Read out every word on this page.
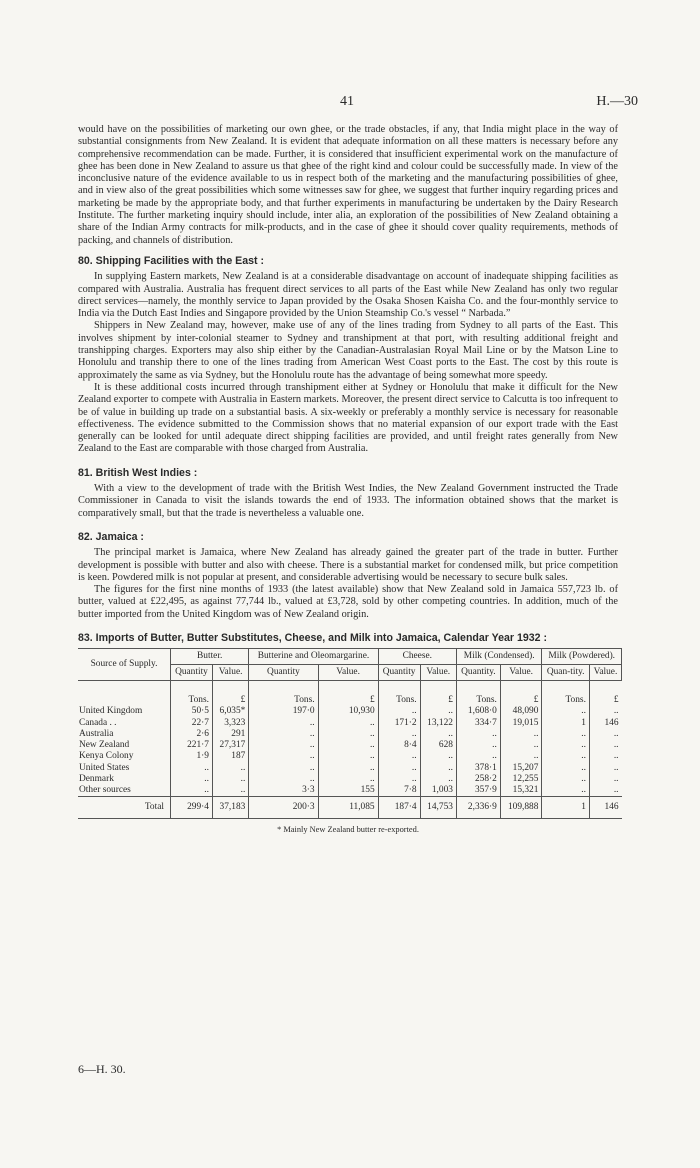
41	H.—30

would have on the possibilities of marketing our own ghee, or the trade obstacles, if any, that India might place in the way of substantial consignments from New Zealand. It is evident that adequate information on all these matters is necessary before any comprehensive recommendation can be made. Further, it is considered that insufficient experimental work on the manufacture of ghee has been done in New Zealand to assure us that ghee of the right kind and colour could be successfully made. In view of the inconclusive nature of the evidence available to us in respect both of the marketing and the manufacturing possibilities of ghee, and in view also of the great possibilities which some witnesses saw for ghee, we suggest that further inquiry regarding prices and marketing be made by the appropriate body, and that further experiments in manufacturing be undertaken by the Dairy Research Institute. The further marketing inquiry should include, inter alia, an exploration of the possibilities of New Zealand obtaining a share of the Indian Army contracts for milk-products, and in the case of ghee it should cover quality requirements, methods of packing, and channels of distribution.

80. Shipping Facilities with the East :

In supplying Eastern markets, New Zealand is at a considerable disadvantage on account of inadequate shipping facilities as compared with Australia. Australia has frequent direct services to all parts of the East while New Zealand has only two regular direct services—namely, the monthly service to Japan provided by the Osaka Shosen Kaisha Co. and the four-monthly service to India via the Dutch East Indies and Singapore provided by the Union Steamship Co.'s vessel “ Narbada.”

Shippers in New Zealand may, however, make use of any of the lines trading from Sydney to all parts of the East. This involves shipment by inter-colonial steamer to Sydney and transhipment at that port, with resulting additional freight and transhipping charges. Exporters may also ship either by the Canadian-Australasian Royal Mail Line or by the Matson Line to Honolulu and tranship there to one of the lines trading from American West Coast ports to the East. The cost by this route is approximately the same as via Sydney, but the Honolulu route has the advantage of being somewhat more speedy.

It is these additional costs incurred through transhipment either at Sydney or Honolulu that make it difficult for the New Zealand exporter to compete with Australia in Eastern markets. Moreover, the present direct service to Calcutta is too infrequent to be of value in building up trade on a substantial basis. A six-weekly or preferably a monthly service is necessary for reasonable effectiveness. The evidence submitted to the Commission shows that no material expansion of our export trade with the East generally can be looked for until adequate direct shipping facilities are provided, and until freight rates generally from New Zealand to the East are comparable with those charged from Australia.

81. British West Indies :

With a view to the development of trade with the British West Indies, the New Zealand Government instructed the Trade Commissioner in Canada to visit the islands towards the end of 1933. The information obtained shows that the market is comparatively small, but that the trade is nevertheless a valuable one.

82. Jamaica :

The principal market is Jamaica, where New Zealand has already gained the greater part of the trade in butter. Further development is possible with butter and also with cheese. There is a substantial market for condensed milk, but price competition is keen. Powdered milk is not popular at present, and considerable advertising would be necessary to secure bulk sales.

The figures for the first nine months of 1933 (the latest available) show that New Zealand sold in Jamaica 557,723 lb. of butter, valued at £22,495, as against 77,744 lb., valued at £3,728, sold by other competing countries. In addition, much of the butter imported from the United Kingdom was of New Zealand origin.

83. Imports of Butter, Butter Substitutes, Cheese, and Milk into Jamaica, Calendar Year 1932 :
Source of Supply.	Butter.		Butterine and Oleomargarine.		Cheese.		Milk (Condensed).		Milk (Powdered).	
	Quantity	Value.	Quantity	Value.	Quantity	Value.	Quantity.	Value.	Quan-tity.	Value.
	Tons.	£	Tons.	£	Tons.	£	Tons.	£	Tons.	£
United Kingdom	50·5	6,035*	197·0	10,930	..	..	1,608·0	48,090	..	..
Canada . .	22·7	3,323	..	..	171·2	13,122	334·7	19,015	1	146
Australia	2·6	291	..	..	..	..	..	..	..	..
New Zealand	221·7	27,317	..	..	8·4	628	..	..	..	..
Kenya Colony	1·9	187	..	..	..	..	..	..	..	..
United States	..	..	..	..	..	..	378·1	15,207	..	..
Denmark	..	..	..	..	..	..	258·2	12,255	..	..
Other sources	..	..	3·3	155	7·8	1,003	357·9	15,321	..	..
Total	299·4	37,183	200·3	11,085	187·4	14,753	2,336·9	109,888	1	146
* Mainly New Zealand butter re-exported.
6—H. 30.
